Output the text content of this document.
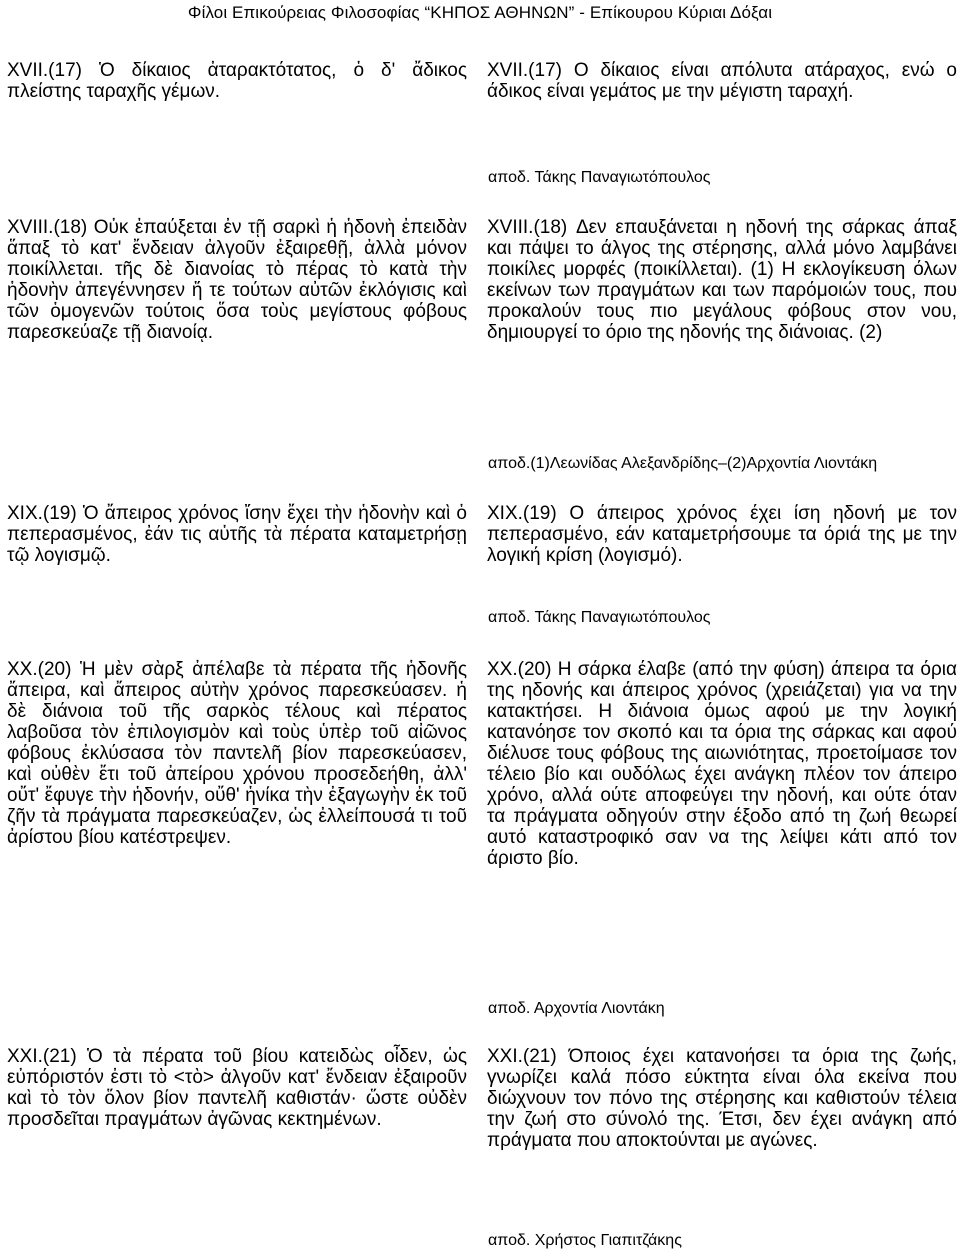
Φίλοι Επικούρειας Φιλοσοφίας “ΚΗΠΟΣ ΑΘΗΝΩΝ” - Επίκουρου Κύριαι Δόξαι

XVII.(17) Ὁ δίκαιος ἀταρακτότατος, ὁ δ' ἄδικος πλείστης ταραχῆς γέμων.

XVII.(17) Ο δίκαιος είναι απόλυτα ατάραχος, ενώ ο άδικος είναι γεμάτος με την μέγιστη ταραχή.

αποδ. Τάκης Παναγιωτόπουλος

XVIII.(18) Οὐκ ἐπαύξεται ἐν τῇ σαρκὶ ἡ ἡδονὴ ἐπειδὰν ἅπαξ τὸ κατ' ἔνδειαν ἀλγοῦν ἐξαιρεθῇ, ἀλλὰ μόνον ποικίλλεται. τῆς δὲ διανοίας τὸ πέρας τὸ κατὰ τὴν ἡδονὴν ἀπεγέννησεν ἥ τε τούτων αὐτῶν ἐκλόγισις καὶ τῶν ὁμογενῶν τούτοις ὅσα τοὺς μεγίστους φόβους παρεσκεύαζε τῇ διανοίᾳ.

XVIII.(18) Δεν επαυξάνεται η ηδονή της σάρκας άπαξ και πάψει το άλγος της στέρησης, αλλά μόνο λαμβάνει ποικίλες μορφές (ποικίλλεται). (1) Η εκλογίκευση όλων εκείνων των πραγμάτων και των παρόμοιών τους, που προκαλούν τους πιο μεγάλους φόβους στον νου, δημιουργεί το όριο της ηδονής της διάνοιας. (2)

αποδ.(1)Λεωνίδας Αλεξανδρίδης–(2)Αρχοντία Λιοντάκη

XIX.(19) Ὁ ἄπειρος χρόνος ἴσην ἔχει τὴν ἡδονὴν καὶ ὁ πεπερασμένος, ἐάν τις αὐτῆς τὰ πέρατα καταμετρήσῃ τῷ λογισμῷ.

XIX.(19) Ο άπειρος χρόνος έχει ίση ηδονή με τον πεπερασμένο, εάν καταμετρήσουμε τα όριά της με την λογική κρίση (λογισμό).

αποδ. Τάκης Παναγιωτόπουλος

XX.(20) Ἡ μὲν σὰρξ ἀπέλαβε τὰ πέρατα τῆς ἡδονῆς ἄπειρα, καὶ ἄπειρος αὐτὴν χρόνος παρεσκεύασεν. ἡ δὲ διάνοια τοῦ τῆς σαρκὸς τέλους καὶ πέρατος λαβοῦσα τὸν ἐπιλογισμὸν καὶ τοὺς ὑπὲρ τοῦ αἰῶνος φόβους ἐκλύσασα τὸν παντελῆ βίον παρεσκεύασεν, καὶ οὐθὲν ἔτι τοῦ ἀπείρου χρόνου προσεδεήθη, ἀλλ' οὔτ' ἔφυγε τὴν ἡδονήν, οὔθ' ἡνίκα τὴν ἐξαγωγὴν ἐκ τοῦ ζῆν τὰ πράγματα παρεσκεύαζεν, ὡς ἐλλείπουσά τι τοῦ ἀρίστου βίου κατέστρεψεν.

XX.(20) Η σάρκα έλαβε (από την φύση) άπειρα τα όρια της ηδονής και άπειρος χρόνος (χρειάζεται) για να την κατακτήσει. Η διάνοια όμως αφού με την λογική κατανόησε τον σκοπό και τα όρια της σάρκας και αφού διέλυσε τους φόβους της αιωνιότητας, προετοίμασε τον τέλειο βίο και ουδόλως έχει ανάγκη πλέον τον άπειρο χρόνο, αλλά ούτε αποφεύγει την ηδονή, και ούτε όταν τα πράγματα οδηγούν στην έξοδο από τη ζωή θεωρεί αυτό καταστροφικό σαν να της λείψει κάτι από τον άριστο βίο.

αποδ. Αρχοντία Λιοντάκη

XXI.(21) Ὁ τὰ πέρατα τοῦ βίου κατειδὼς οἶδεν, ὡς εὐπόριστόν ἐστι τὸ <τὸ> ἀλγοῦν κατ' ἔνδειαν ἐξαιροῦν καὶ τὸ τὸν ὅλον βίον παντελῆ καθιστάν· ὥστε οὐδὲν προσδεῖται πραγμάτων ἀγῶνας κεκτημένων.

XXI.(21) Όποιος έχει κατανοήσει τα όρια της ζωής, γνωρίζει καλά πόσο εύκτητα είναι όλα εκείνα που διώχνουν τον πόνο της στέρησης και καθιστούν τέλεια την ζωή στο σύνολό της. Έτσι, δεν έχει ανάγκη από πράγματα που αποκτούνται με αγώνες.

αποδ. Χρήστος Γιαπιτζάκης
